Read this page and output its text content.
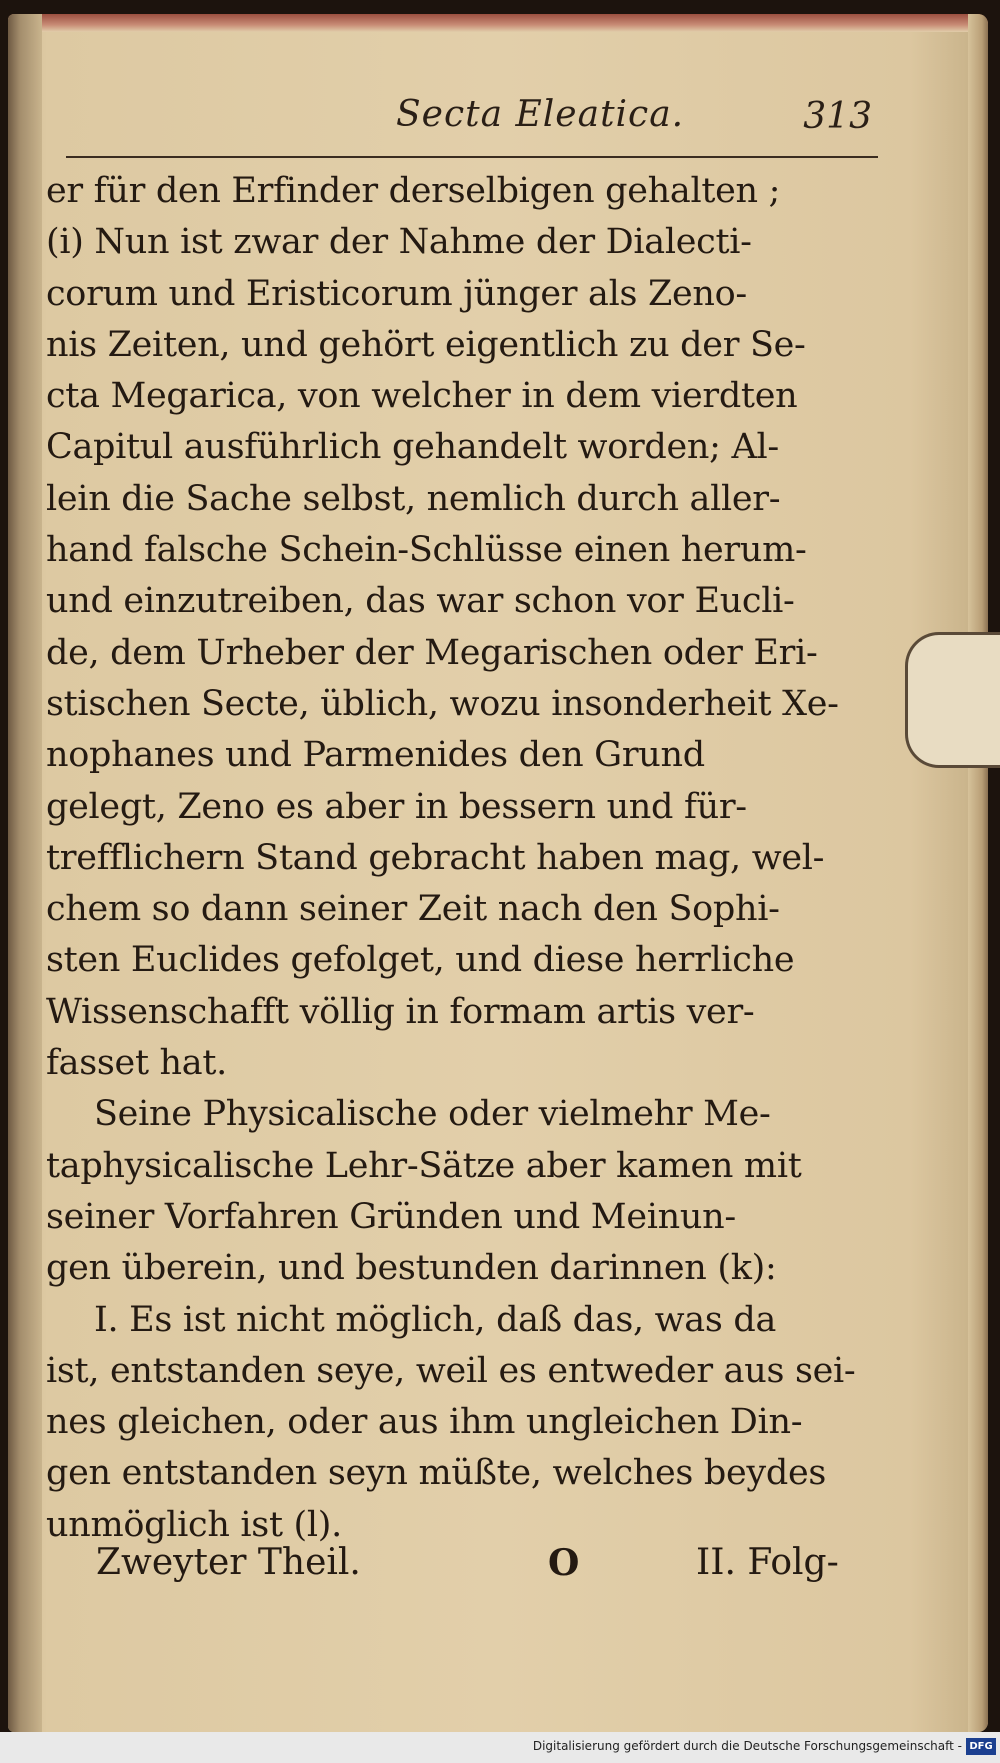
Secta Eleatica.	313
er für den Erfinder derselbigen gehalten ;
(i) Nun ist zwar der Nahme der Dialecti-
corum und Eristicorum jünger als Zeno-
nis Zeiten, und gehört eigentlich zu der Se-
cta Megarica, von welcher in dem vierdten
Capitul ausführlich gehandelt worden; Al-
lein die Sache selbst, nemlich durch aller-
hand falsche Schein-Schlüsse einen herum-
und einzutreiben, das war schon vor Eucli-
de, dem Urheber der Megarischen oder Eri-
stischen Secte, üblich, wozu insonderheit Xe-
nophanes und Parmenides den Grund
gelegt, Zeno es aber in bessern und für-
trefflichern Stand gebracht haben mag, wel-
chem so dann seiner Zeit nach den Sophi-
sten Euclides gefolget, und diese herrliche
Wissenschafft völlig in formam artis ver-
fasset hat.
Seine Physicalische oder vielmehr Me-
taphysicalische Lehr-Sätze aber kamen mit
seiner Vorfahren Gründen und Meinun-
gen überein, und bestunden darinnen (k):
I. Es ist nicht möglich, daß das, was da
ist, entstanden seye, weil es entweder aus sei-
nes gleichen, oder aus ihm ungleichen Din-
gen entstanden seyn müßte, welches beydes
unmöglich ist (l).
Zweyter Theil.	O	II. Folg-
Digitalisierung gefördert durch die Deutsche Forschungsgemeinschaft - DFG
